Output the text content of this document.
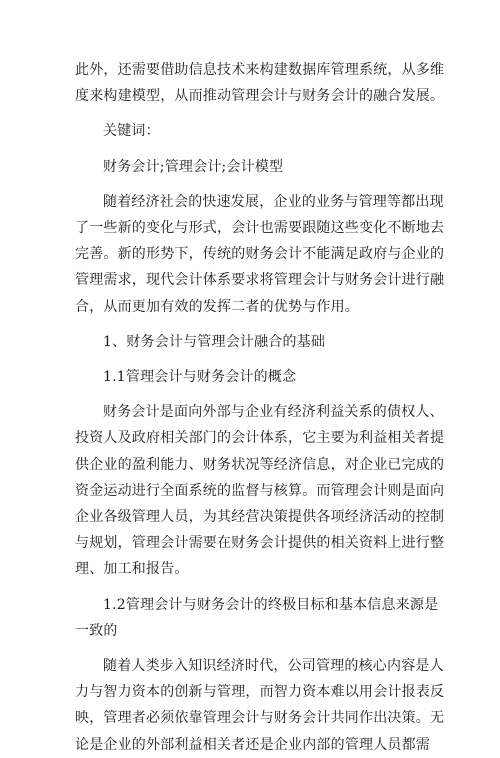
此外，还需要借助信息技术来构建数据库管理系统，从多维
度来构建模型，从而推动管理会计与财务会计的融合发展。
关键词：
财务会计;管理会计;会计模型
随着经济社会的快速发展，企业的业务与管理等都出现
了一些新的变化与形式，会计也需要跟随这些变化不断地去
完善。新的形势下，传统的财务会计不能满足政府与企业的
管理需求，现代会计体系要求将管理会计与财务会计进行融
合，从而更加有效的发挥二者的优势与作用。
1、财务会计与管理会计融合的基础
1.1管理会计与财务会计的概念
财务会计是面向外部与企业有经济利益关系的债权人、
投资人及政府相关部门的会计体系，它主要为利益相关者提
供企业的盈利能力、财务状况等经济信息，对企业已完成的
资金运动进行全面系统的监督与核算。而管理会计则是面向
企业各级管理人员，为其经营决策提供各项经济活动的控制
与规划，管理会计需要在财务会计提供的相关资料上进行整
理、加工和报告。
1.2管理会计与财务会计的终极目标和基本信息来源是
一致的
随着人类步入知识经济时代，公司管理的核心内容是人
力与智力资本的创新与管理，而智力资本难以用会计报表反
映，管理者必须依靠管理会计与财务会计共同作出决策。无
论是企业的外部利益相关者还是企业内部的管理人员都需
